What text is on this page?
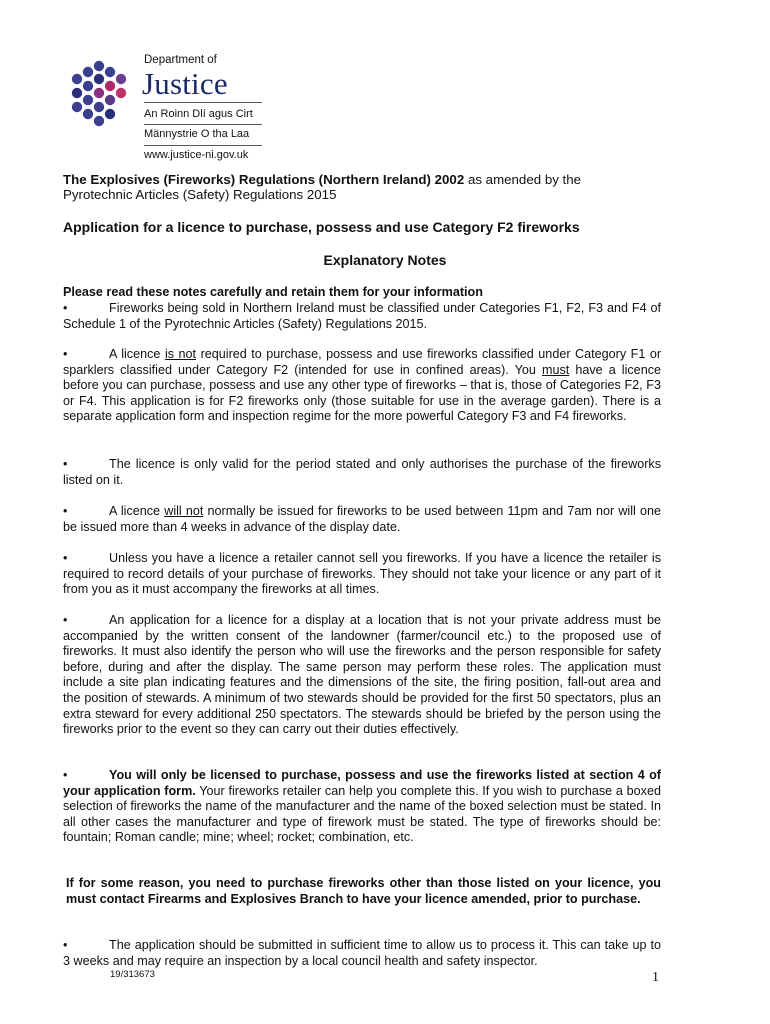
Department of
Justice
An Roinn Dlí agus Cirt
Männystrie O tha Laa
www.justice-ni.gov.uk
The Explosives (Fireworks) Regulations (Northern Ireland) 2002 as amended by the
Pyrotechnic Articles (Safety) Regulations 2015
Application for a licence to purchase, possess and use Category F2 fireworks
Explanatory Notes
Please read these notes carefully and retain them for your information

•	Fireworks being sold in Northern Ireland must be classified under Categories F1, F2, F3 and F4 of Schedule 1 of the Pyrotechnic Articles (Safety) Regulations 2015.

•	A licence is not required to purchase, possess and use fireworks classified under Category F1 or sparklers classified under Category F2 (intended for use in confined areas). You must have a licence before you can purchase, possess and use any other type of fireworks – that is, those of Categories F2, F3 or F4. This application is for F2 fireworks only (those suitable for use in the average garden). There is a separate application form and inspection regime for the more powerful Category F3 and F4 fireworks.

•	The licence is only valid for the period stated and only authorises the purchase of the fireworks listed on it.

•	A licence will not normally be issued for fireworks to be used between 11pm and 7am nor will one be issued more than 4 weeks in advance of the display date.

•	Unless you have a licence a retailer cannot sell you fireworks. If you have a licence the retailer is required to record details of your purchase of fireworks. They should not take your licence or any part of it from you as it must accompany the fireworks at all times.

•	An application for a licence for a display at a location that is not your private address must be accompanied by the written consent of the landowner (farmer/council etc.) to the proposed use of fireworks. It must also identify the person who will use the fireworks and the person responsible for safety before, during and after the display. The same person may perform these roles. The application must include a site plan indicating features and the dimensions of the site, the firing position, fall-out area and the position of stewards. A minimum of two stewards should be provided for the first 50 spectators, plus an extra steward for every additional 250 spectators. The stewards should be briefed by the person using the fireworks prior to the event so they can carry out their duties effectively.

•	You will only be licensed to purchase, possess and use the fireworks listed at section 4 of your application form. Your fireworks retailer can help you complete this. If you wish to purchase a boxed selection of fireworks the name of the manufacturer and the name of the boxed selection must be stated. In all other cases the manufacturer and type of firework must be stated. The type of fireworks should be: fountain; Roman candle; mine; wheel; rocket; combination, etc.

If for some reason, you need to purchase fireworks other than those listed on your licence, you must contact Firearms and Explosives Branch to have your licence amended, prior to purchase.

•	The application should be submitted in sufficient time to allow us to process it. This can take up to 3 weeks and may require an inspection by a local council health and safety inspector.

19/313673	1
